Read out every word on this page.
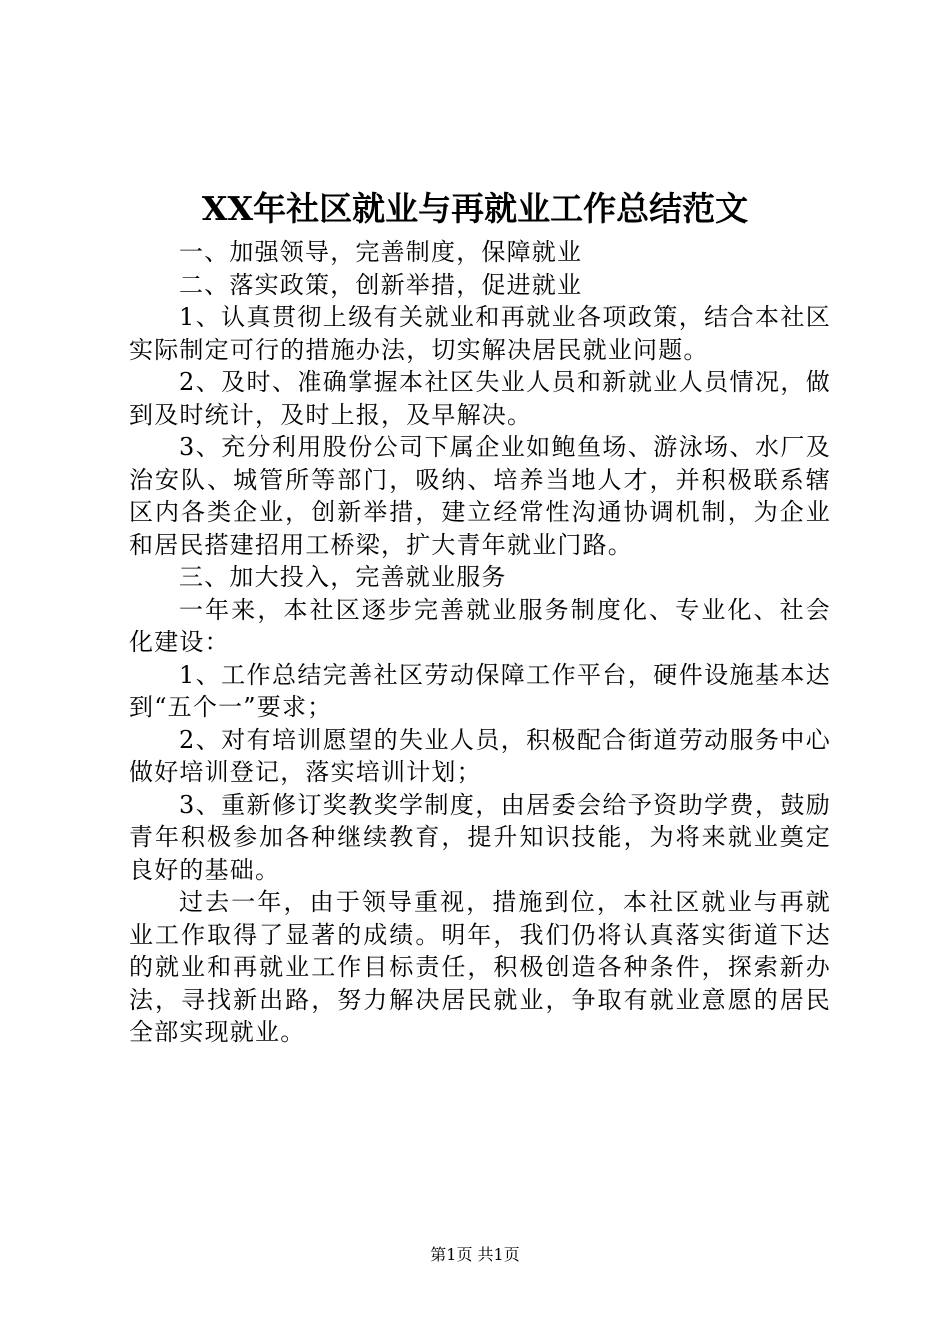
XX年社区就业与再就业工作总结范文

一、加强领导，完善制度，保障就业

二、落实政策，创新举措，促进就业

1、认真贯彻上级有关就业和再就业各项政策，结合本社区实际制定可行的措施办法，切实解决居民就业问题。

2、及时、准确掌握本社区失业人员和新就业人员情况，做到及时统计，及时上报，及早解决。

3、充分利用股份公司下属企业如鲍鱼场、游泳场、水厂及治安队、城管所等部门，吸纳、培养当地人才，并积极联系辖区内各类企业，创新举措，建立经常性沟通协调机制，为企业和居民搭建招用工桥梁，扩大青年就业门路。

三、加大投入，完善就业服务

一年来，本社区逐步完善就业服务制度化、专业化、社会化建设：

1、工作总结完善社区劳动保障工作平台，硬件设施基本达到“五个一”要求；

2、对有培训愿望的失业人员，积极配合街道劳动服务中心做好培训登记，落实培训计划；

3、重新修订奖教奖学制度，由居委会给予资助学费，鼓励青年积极参加各种继续教育，提升知识技能，为将来就业奠定良好的基础。

过去一年，由于领导重视，措施到位，本社区就业与再就业工作取得了显著的成绩。明年，我们仍将认真落实街道下达的就业和再就业工作目标责任，积极创造各种条件，探索新办法，寻找新出路，努力解决居民就业，争取有就业意愿的居民全部实现就业。

第1页 共1页
